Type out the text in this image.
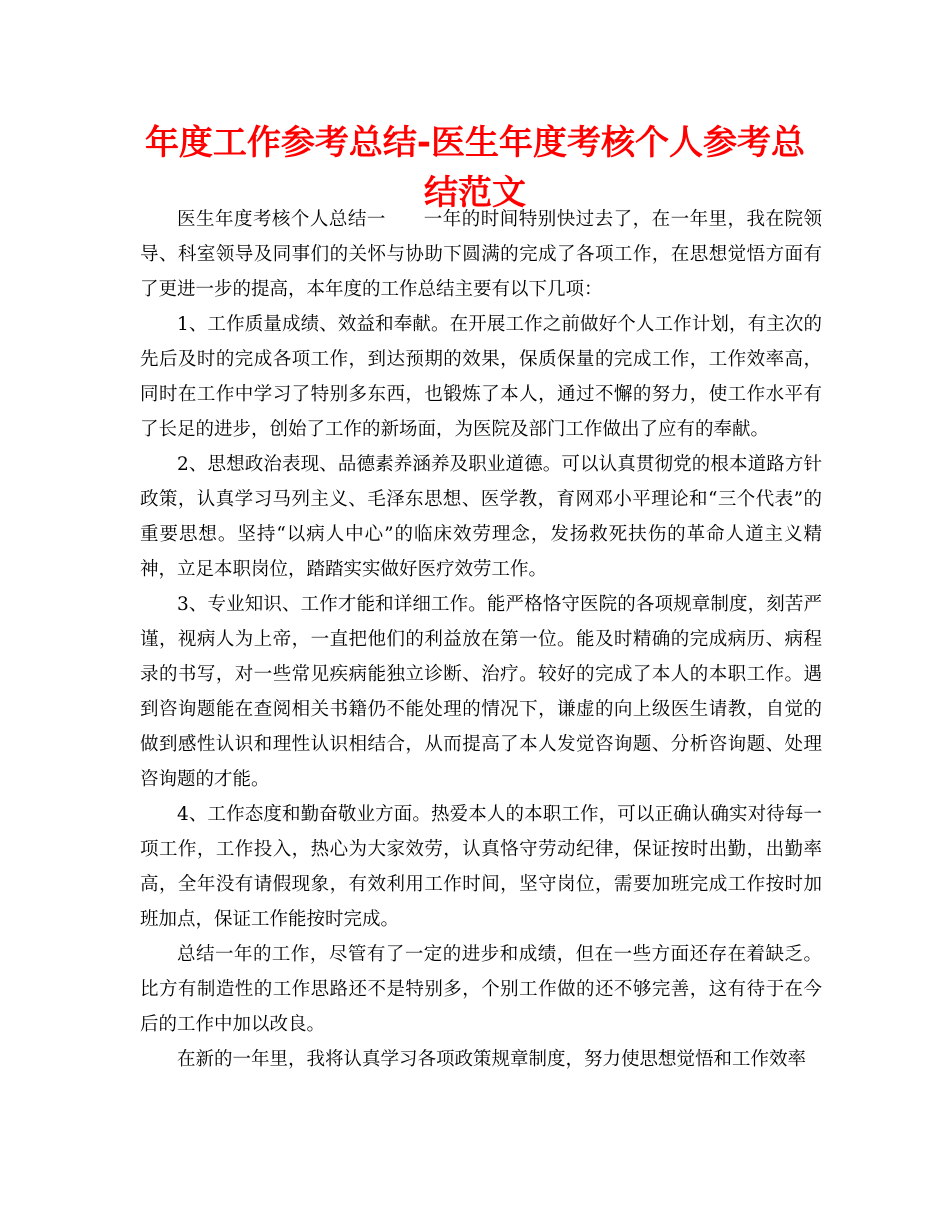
年度工作参考总结-医生年度考核个人参考总结范文

医生年度考核个人总结一　　一年的时间特别快过去了，在一年里，我在院领导、科室领导及同事们的关怀与协助下圆满的完成了各项工作，在思想觉悟方面有了更进一步的提高，本年度的工作总结主要有以下几项：

1、工作质量成绩、效益和奉献。在开展工作之前做好个人工作计划，有主次的先后及时的完成各项工作，到达预期的效果，保质保量的完成工作，工作效率高，同时在工作中学习了特别多东西，也锻炼了本人，通过不懈的努力，使工作水平有了长足的进步，创始了工作的新场面，为医院及部门工作做出了应有的奉献。

2、思想政治表现、品德素养涵养及职业道德。可以认真贯彻党的根本道路方针政策，认真学习马列主义、毛泽东思想、医学教，育网邓小平理论和“三个代表”的重要思想。坚持“以病人中心”的临床效劳理念，发扬救死扶伤的革命人道主义精神，立足本职岗位，踏踏实实做好医疗效劳工作。

3、专业知识、工作才能和详细工作。能严格恪守医院的各项规章制度，刻苦严谨，视病人为上帝，一直把他们的利益放在第一位。能及时精确的完成病历、病程录的书写，对一些常见疾病能独立诊断、治疗。较好的完成了本人的本职工作。遇到咨询题能在查阅相关书籍仍不能处理的情况下，谦虚的向上级医生请教，自觉的做到感性认识和理性认识相结合，从而提高了本人发觉咨询题、分析咨询题、处理咨询题的才能。

4、工作态度和勤奋敬业方面。热爱本人的本职工作，可以正确认确实对待每一项工作，工作投入，热心为大家效劳，认真恪守劳动纪律，保证按时出勤，出勤率高，全年没有请假现象，有效利用工作时间，坚守岗位，需要加班完成工作按时加班加点，保证工作能按时完成。

总结一年的工作，尽管有了一定的进步和成绩，但在一些方面还存在着缺乏。比方有制造性的工作思路还不是特别多，个别工作做的还不够完善，这有待于在今后的工作中加以改良。

在新的一年里，我将认真学习各项政策规章制度，努力使思想觉悟和工作效率
